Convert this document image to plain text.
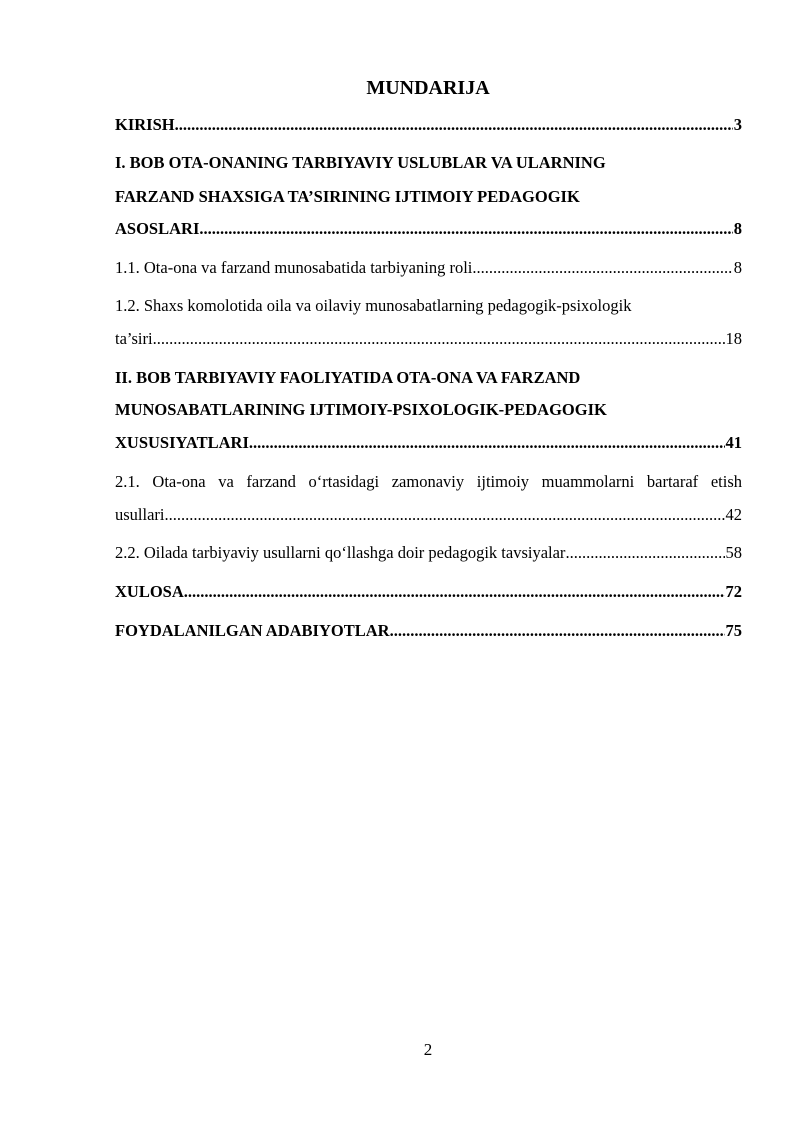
MUNDARIJA
KIRISH .....	3
I. BOB OTA-ONANING TARBIYAVIY USLUBLAR VA ULARNING
FARZAND SHAXSIGA TA’SIRINING IJTIMOIY PEDAGOGIK
ASOSLARI .....	8
1.1. Ota-ona va farzand munosabatida tarbiyaning roli .....	8
1.2. Shaxs komolotida oila va oilaviy munosabatlarning pedagogik-psixologik
ta’siri .....	18
II. BOB TARBIYAVIY FAOLIYATIDA OTA-ONA VA FARZAND
MUNOSABATLARINING IJTIMOIY-PSIXOLOGIK-PEDAGOGIK
XUSUSIYATLARI .....	41
2.1. Ota-ona va farzand o‘rtasidagi zamonaviy ijtimoiy muammolarni bartaraf etish
usullari .....	42
2.2. Oilada tarbiyaviy usullarni qo‘llashga doir pedagogik tavsiyalar .....	58
XULOSA .....	72
FOYDALANILGAN ADABIYOTLAR .....	75
2
